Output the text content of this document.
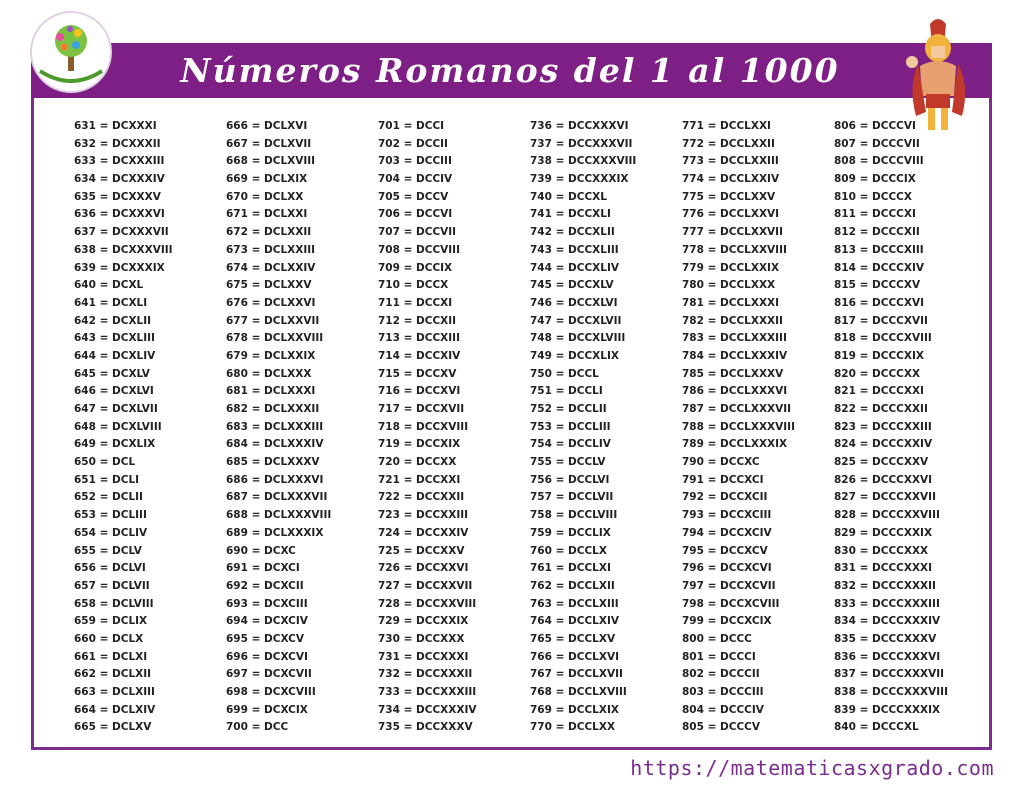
Números Romanos del 1 al 1000
631 = DCXXXI
632 = DCXXXII
633 = DCXXXIII
634 = DCXXXIV
635 = DCXXXV
636 = DCXXXVI
637 = DCXXXVII
638 = DCXXXVIII
639 = DCXXXIX
640 = DCXL
641 = DCXLI
642 = DCXLII
643 = DCXLIII
644 = DCXLIV
645 = DCXLV
646 = DCXLVI
647 = DCXLVII
648 = DCXLVIII
649 = DCXLIX
650 = DCL
651 = DCLI
652 = DCLII
653 = DCLIII
654 = DCLIV
655 = DCLV
656 = DCLVI
657 = DCLVII
658 = DCLVIII
659 = DCLIX
660 = DCLX
661 = DCLXI
662 = DCLXII
663 = DCLXIII
664 = DCLXIV
665 = DCLXV
666 = DCLXVI
667 = DCLXVII
668 = DCLXVIII
669 = DCLXIX
670 = DCLXX
671 = DCLXXI
672 = DCLXXII
673 = DCLXXIII
674 = DCLXXIV
675 = DCLXXV
676 = DCLXXVI
677 = DCLXXVII
678 = DCLXXVIII
679 = DCLXXIX
680 = DCLXXX
681 = DCLXXXI
682 = DCLXXXII
683 = DCLXXXIII
684 = DCLXXXIV
685 = DCLXXXV
686 = DCLXXXVI
687 = DCLXXXVII
688 = DCLXXXVIII
689 = DCLXXXIX
690 = DCXC
691 = DCXCI
692 = DCXCII
693 = DCXCIII
694 = DCXCIV
695 = DCXCV
696 = DCXCVI
697 = DCXCVII
698 = DCXCVIII
699 = DCXCIX
700 = DCC
701 = DCCI
702 = DCCII
703 = DCCIII
704 = DCCIV
705 = DCCV
706 = DCCVI
707 = DCCVII
708 = DCCVIII
709 = DCCIX
710 = DCCX
711 = DCCXI
712 = DCCXII
713 = DCCXIII
714 = DCCXIV
715 = DCCXV
716 = DCCXVI
717 = DCCXVII
718 = DCCXVIII
719 = DCCXIX
720 = DCCXX
721 = DCCXXI
722 = DCCXXII
723 = DCCXXIII
724 = DCCXXIV
725 = DCCXXV
726 = DCCXXVI
727 = DCCXXVII
728 = DCCXXVIII
729 = DCCXXIX
730 = DCCXXX
731 = DCCXXXI
732 = DCCXXXII
733 = DCCXXXIII
734 = DCCXXXIV
735 = DCCXXXV
736 = DCCXXXVI
737 = DCCXXXVII
738 = DCCXXXVIII
739 = DCCXXXIX
740 = DCCXL
741 = DCCXLI
742 = DCCXLII
743 = DCCXLIII
744 = DCCXLIV
745 = DCCXLV
746 = DCCXLVI
747 = DCCXLVII
748 = DCCXLVIII
749 = DCCXLIX
750 = DCCL
751 = DCCLI
752 = DCCLII
753 = DCCLIII
754 = DCCLIV
755 = DCCLV
756 = DCCLVI
757 = DCCLVII
758 = DCCLVIII
759 = DCCLIX
760 = DCCLX
761 = DCCLXI
762 = DCCLXII
763 = DCCLXIII
764 = DCCLXIV
765 = DCCLXV
766 = DCCLXVI
767 = DCCLXVII
768 = DCCLXVIII
769 = DCCLXIX
770 = DCCLXX
771 = DCCLXXI
772 = DCCLXXII
773 = DCCLXXIII
774 = DCCLXXIV
775 = DCCLXXV
776 = DCCLXXVI
777 = DCCLXXVII
778 = DCCLXXVIII
779 = DCCLXXIX
780 = DCCLXXX
781 = DCCLXXXI
782 = DCCLXXXII
783 = DCCLXXXIII
784 = DCCLXXXIV
785 = DCCLXXXV
786 = DCCLXXXVI
787 = DCCLXXXVII
788 = DCCLXXXVIII
789 = DCCLXXXIX
790 = DCCXC
791 = DCCXCI
792 = DCCXCII
793 = DCCXCIII
794 = DCCXCIV
795 = DCCXCV
796 = DCCXCVI
797 = DCCXCVII
798 = DCCXCVIII
799 = DCCXCIX
800 = DCCC
801 = DCCCI
802 = DCCCII
803 = DCCCIII
804 = DCCCIV
805 = DCCCV
806 = DCCCVI
807 = DCCCVII
808 = DCCCVIII
809 = DCCCIX
810 = DCCCX
811 = DCCCXI
812 = DCCCXII
813 = DCCCXIII
814 = DCCCXIV
815 = DCCCXV
816 = DCCCXVI
817 = DCCCXVII
818 = DCCCXVIII
819 = DCCCXIX
820 = DCCCXX
821 = DCCCXXI
822 = DCCCXXII
823 = DCCCXXIII
824 = DCCCXXIV
825 = DCCCXXV
826 = DCCCXXVI
827 = DCCCXXVII
828 = DCCCXXVIII
829 = DCCCXXIX
830 = DCCCXXX
831 = DCCCXXXI
832 = DCCCXXXII
833 = DCCCXXXIII
834 = DCCCXXXIV
835 = DCCCXXXV
836 = DCCCXXXVI
837 = DCCCXXXVII
838 = DCCCXXXVIII
839 = DCCCXXXIX
840 = DCCCXL
https://matematicasxgrado.com
